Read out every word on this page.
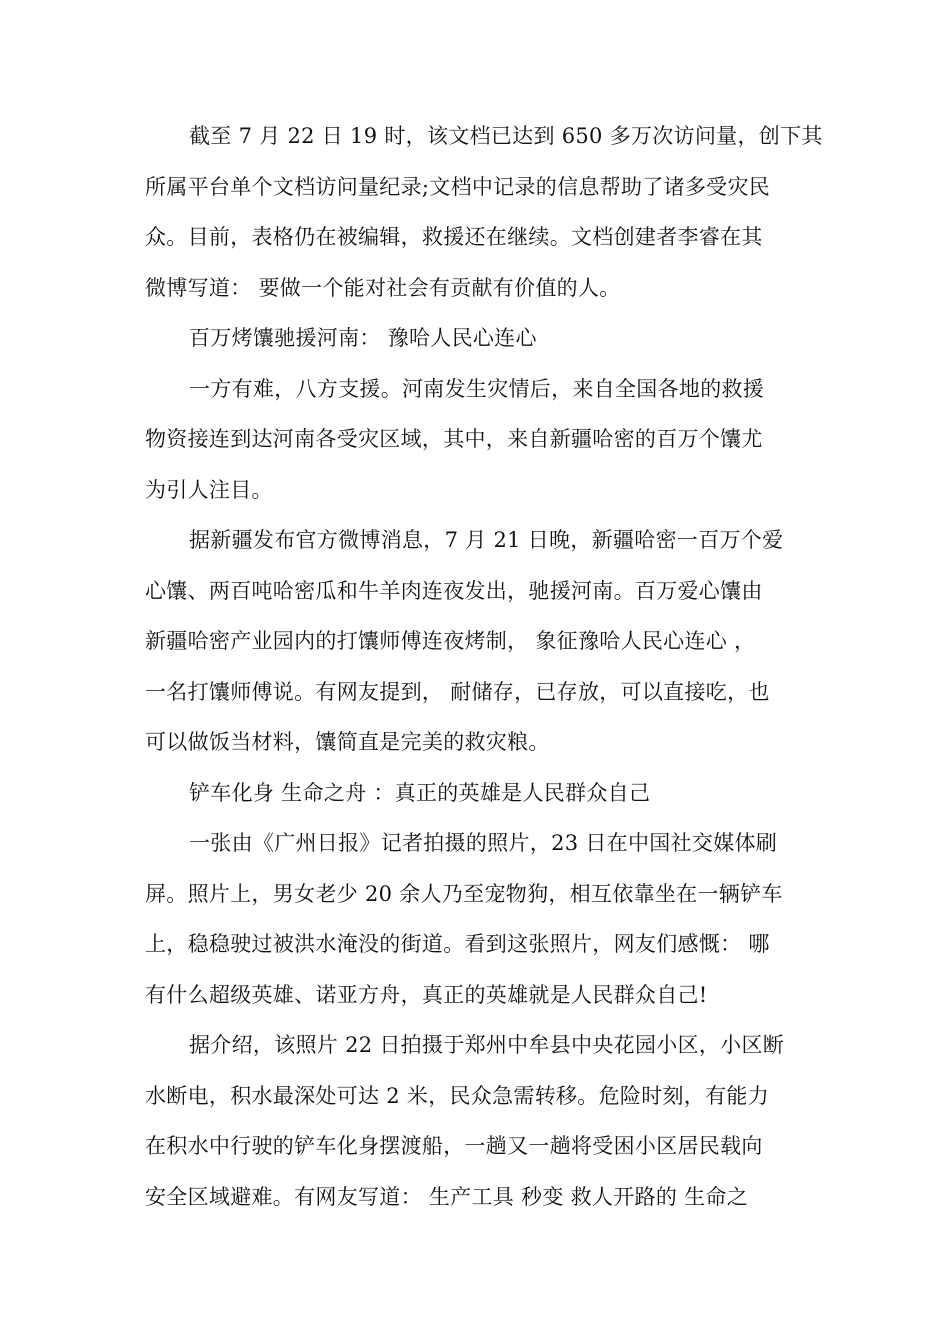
截至 7 月 22 日 19 时，该文档已达到 650 多万次访问量，创下其
所属平台单个文档访问量纪录;文档中记录的信息帮助了诸多受灾民
众。目前，表格仍在被编辑，救援还在继续。文档创建者李睿在其
微博写道： 要做一个能对社会有贡献有价值的人。
百万烤馕驰援河南： 豫哈人民心连心
一方有难，八方支援。河南发生灾情后，来自全国各地的救援
物资接连到达河南各受灾区域，其中，来自新疆哈密的百万个馕尤
为引人注目。
据新疆发布官方微博消息，7 月 21 日晚，新疆哈密一百万个爱
心馕、两百吨哈密瓜和牛羊肉连夜发出，驰援河南。百万爱心馕由
新疆哈密产业园内的打馕师傅连夜烤制， 象征豫哈人民心连心 ，
一名打馕师傅说。有网友提到， 耐储存，已存放，可以直接吃，也
可以做饭当材料，馕简直是完美的救灾粮。
铲车化身 生命之舟 ：真正的英雄是人民群众自己
一张由《广州日报》记者拍摄的照片，23 日在中国社交媒体刷
屏。照片上，男女老少 20 余人乃至宠物狗，相互依靠坐在一辆铲车
上，稳稳驶过被洪水淹没的街道。看到这张照片，网友们感慨： 哪
有什么超级英雄、诺亚方舟，真正的英雄就是人民群众自己!
据介绍，该照片 22 日拍摄于郑州中牟县中央花园小区，小区断
水断电，积水最深处可达 2 米，民众急需转移。危险时刻，有能力
在积水中行驶的铲车化身摆渡船，一趟又一趟将受困小区居民载向
安全区域避难。有网友写道： 生产工具 秒变 救人开路的 生命之
